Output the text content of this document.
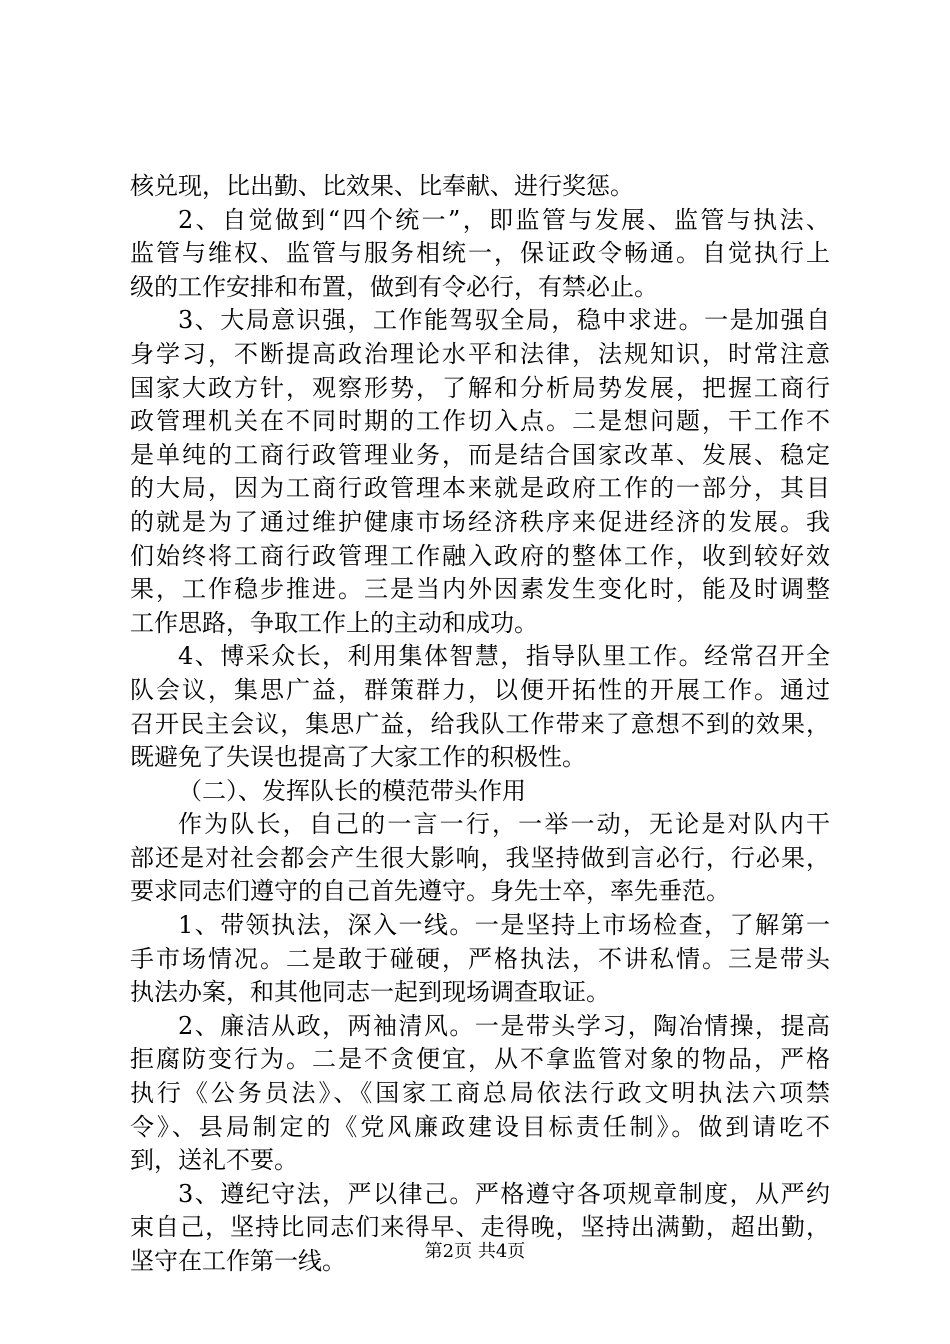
核兑现，比出勤、比效果、比奉献、进行奖惩。
2、自觉做到“四个统一”，即监管与发展、监管与执法、
监管与维权、监管与服务相统一，保证政令畅通。自觉执行上
级的工作安排和布置，做到有令必行，有禁必止。
3、大局意识强，工作能驾驭全局，稳中求进。一是加强自
身学习，不断提高政治理论水平和法律，法规知识，时常注意
国家大政方针，观察形势，了解和分析局势发展，把握工商行
政管理机关在不同时期的工作切入点。二是想问题，干工作不
是单纯的工商行政管理业务，而是结合国家改革、发展、稳定
的大局，因为工商行政管理本来就是政府工作的一部分，其目
的就是为了通过维护健康市场经济秩序来促进经济的发展。我
们始终将工商行政管理工作融入政府的整体工作，收到较好效
果，工作稳步推进。三是当内外因素发生变化时，能及时调整
工作思路，争取工作上的主动和成功。
4、博采众长，利用集体智慧，指导队里工作。经常召开全
队会议，集思广益，群策群力，以便开拓性的开展工作。通过
召开民主会议，集思广益，给我队工作带来了意想不到的效果，
既避免了失误也提高了大家工作的积极性。
（二）、发挥队长的模范带头作用
作为队长，自己的一言一行，一举一动，无论是对队内干
部还是对社会都会产生很大影响，我坚持做到言必行，行必果，
要求同志们遵守的自己首先遵守。身先士卒，率先垂范。
1、带领执法，深入一线。一是坚持上市场检查，了解第一
手市场情况。二是敢于碰硬，严格执法，不讲私情。三是带头
执法办案，和其他同志一起到现场调查取证。
2、廉洁从政，两袖清风。一是带头学习，陶冶情操，提高
拒腐防变行为。二是不贪便宜，从不拿监管对象的物品，严格
执行《公务员法》、《国家工商总局依法行政文明执法六项禁
令》、县局制定的《党风廉政建设目标责任制》。做到请吃不
到，送礼不要。
3、遵纪守法，严以律己。严格遵守各项规章制度，从严约
束自己，坚持比同志们来得早、走得晚，坚持出满勤，超出勤，
坚守在工作第一线。	第2页 共4页
